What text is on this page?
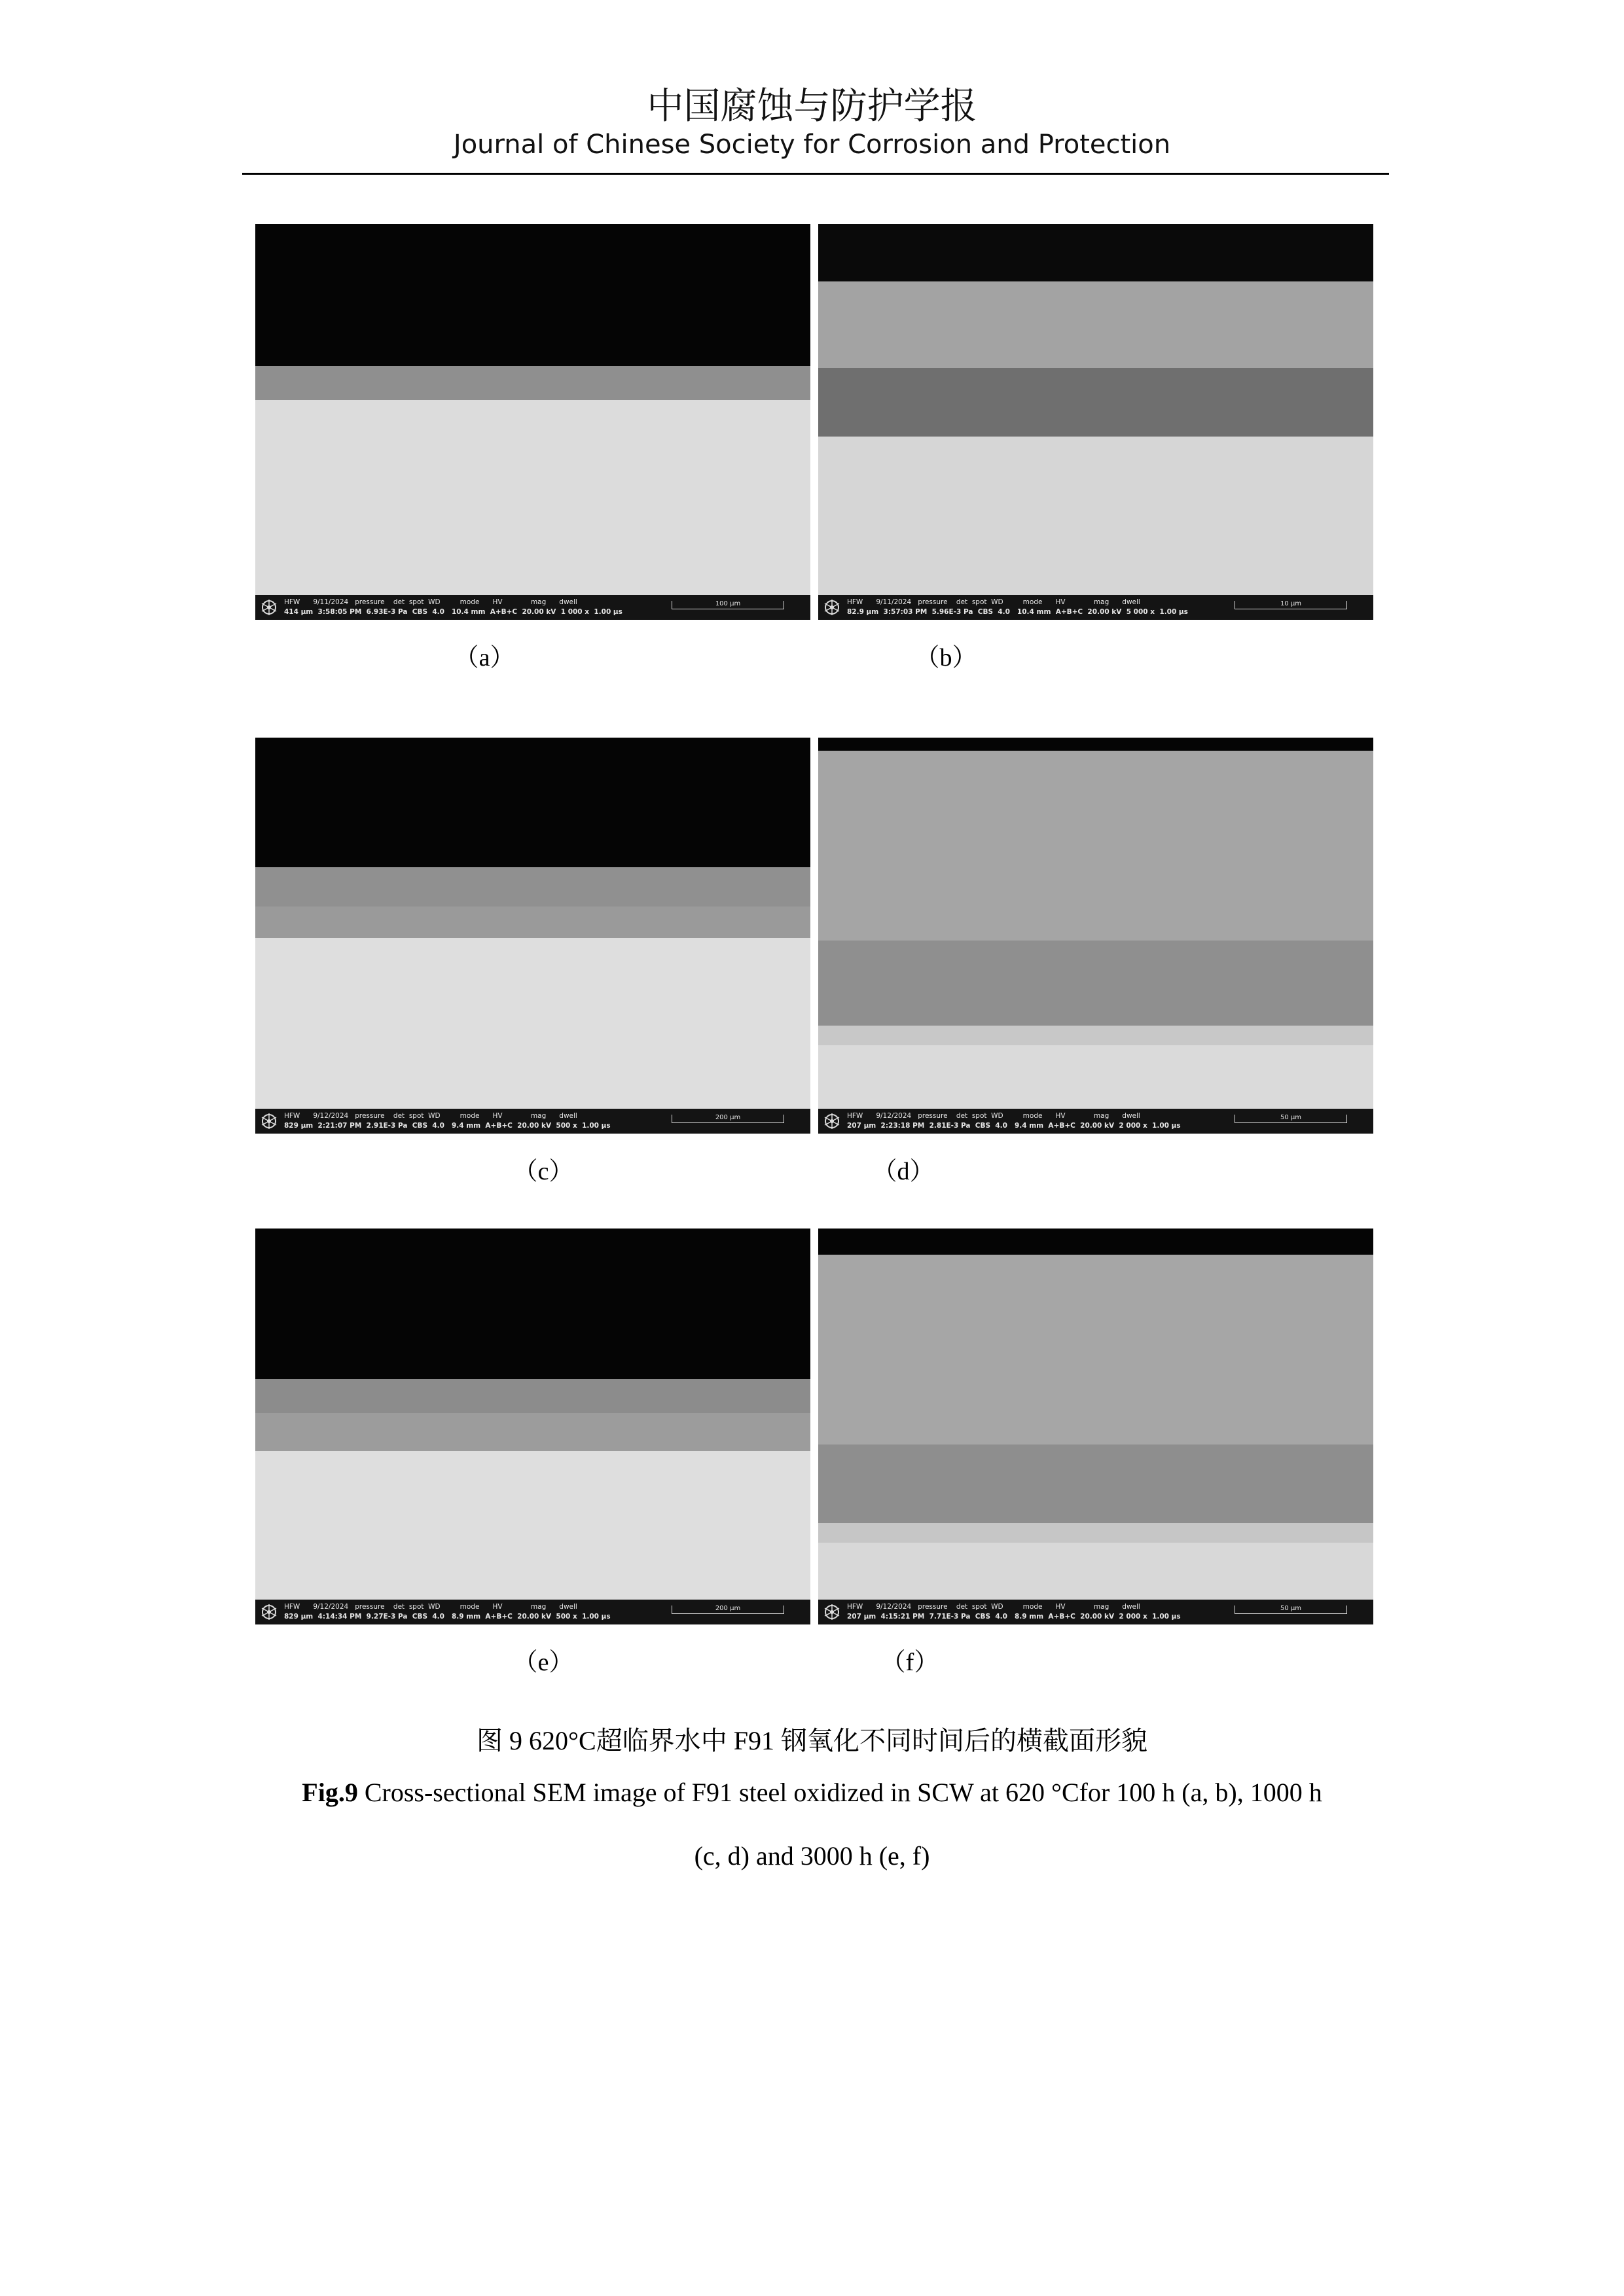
中国腐蚀与防护学报
Journal of Chinese Society for Corrosion and Protection
HFW      9/11/2024   pressure    det  spot  WD         mode      HV             mag      dwell
414 μm  3:58:05 PM  6.93E-3 Pa  CBS  4.0   10.4 mm  A+B+C  20.00 kV  1 000 x  1.00 μs
100 μm
（a）
HFW      9/11/2024   pressure    det  spot  WD         mode      HV             mag      dwell
82.9 μm  3:57:03 PM  5.96E-3 Pa  CBS  4.0   10.4 mm  A+B+C  20.00 kV  5 000 x  1.00 μs
10 μm
（b）
HFW      9/12/2024   pressure    det  spot  WD         mode      HV             mag      dwell
829 μm  2:21:07 PM  2.91E-3 Pa  CBS  4.0   9.4 mm  A+B+C  20.00 kV  500 x  1.00 μs
200 μm
（c）
HFW      9/12/2024   pressure    det  spot  WD         mode      HV             mag      dwell
207 μm  2:23:18 PM  2.81E-3 Pa  CBS  4.0   9.4 mm  A+B+C  20.00 kV  2 000 x  1.00 μs
50 μm
（d）
HFW      9/12/2024   pressure    det  spot  WD         mode      HV             mag      dwell
829 μm  4:14:34 PM  9.27E-3 Pa  CBS  4.0   8.9 mm  A+B+C  20.00 kV  500 x  1.00 μs
200 μm
（e）
HFW      9/12/2024   pressure    det  spot  WD         mode      HV             mag      dwell
207 μm  4:15:21 PM  7.71E-3 Pa  CBS  4.0   8.9 mm  A+B+C  20.00 kV  2 000 x  1.00 μs
50 μm
（f）
图 9 620°C超临界水中 F91 钢氧化不同时间后的横截面形貌
Fig.9 Cross-sectional SEM image of F91 steel oxidized in SCW at 620 °Cfor 100 h (a, b), 1000 h
(c, d) and 3000 h (e, f)
